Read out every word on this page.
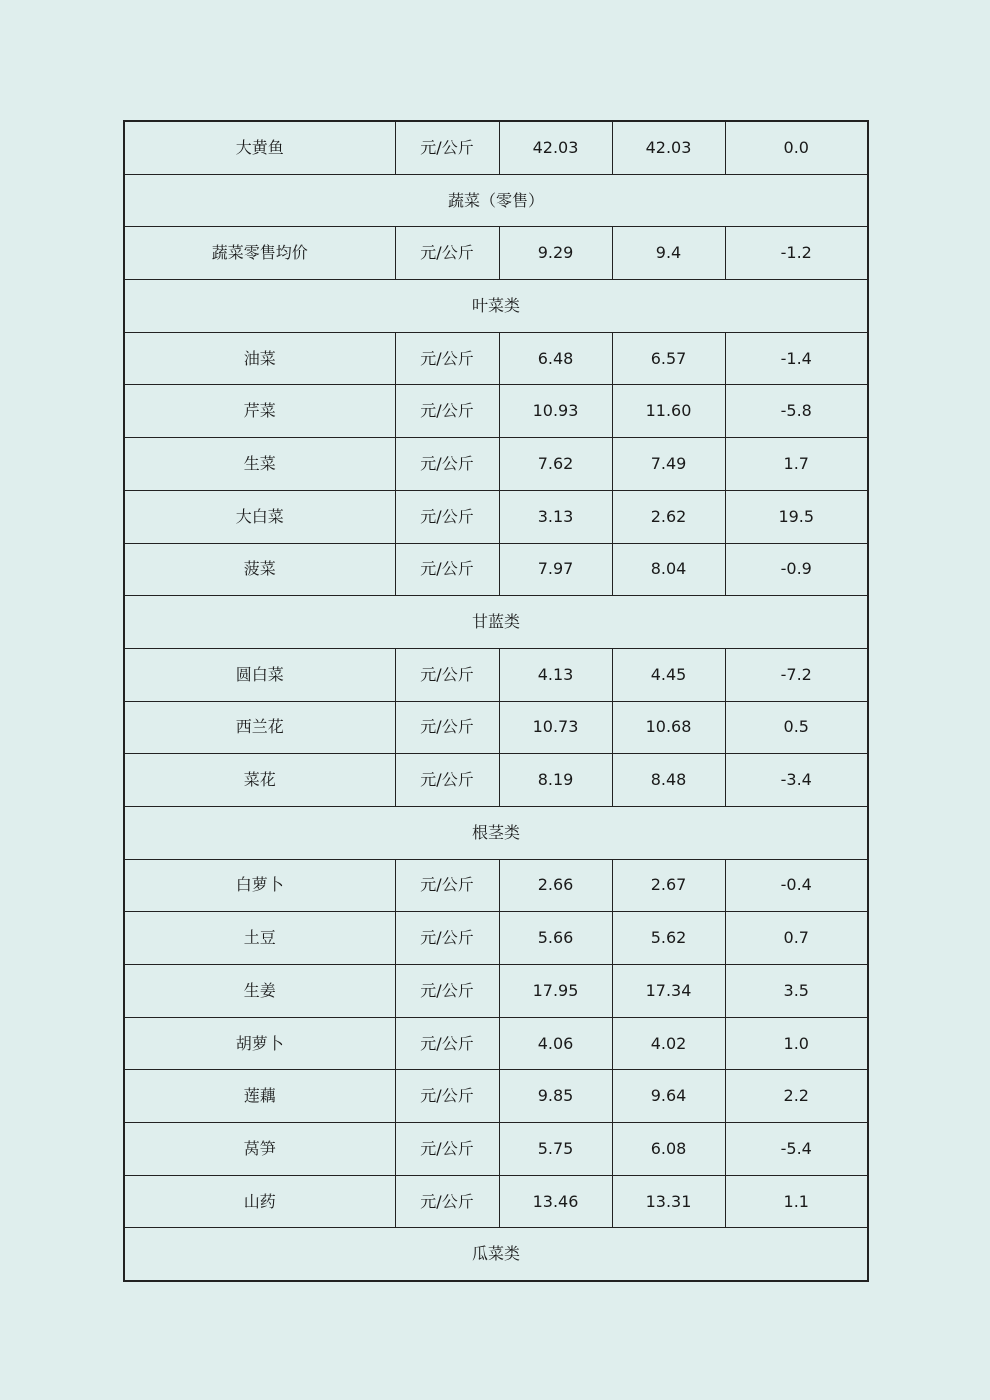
大黄鱼	元/公斤	42.03	42.03	0.0
蔬菜（零售）				
蔬菜零售均价	元/公斤	9.29	9.4	-1.2
叶菜类				
油菜	元/公斤	6.48	6.57	-1.4
芹菜	元/公斤	10.93	11.60	-5.8
生菜	元/公斤	7.62	7.49	1.7
大白菜	元/公斤	3.13	2.62	19.5
菠菜	元/公斤	7.97	8.04	-0.9
甘蓝类				
圆白菜	元/公斤	4.13	4.45	-7.2
西兰花	元/公斤	10.73	10.68	0.5
菜花	元/公斤	8.19	8.48	-3.4
根茎类				
白萝卜	元/公斤	2.66	2.67	-0.4
土豆	元/公斤	5.66	5.62	0.7
生姜	元/公斤	17.95	17.34	3.5
胡萝卜	元/公斤	4.06	4.02	1.0
莲藕	元/公斤	9.85	9.64	2.2
莴笋	元/公斤	5.75	6.08	-5.4
山药	元/公斤	13.46	13.31	1.1
瓜菜类				
